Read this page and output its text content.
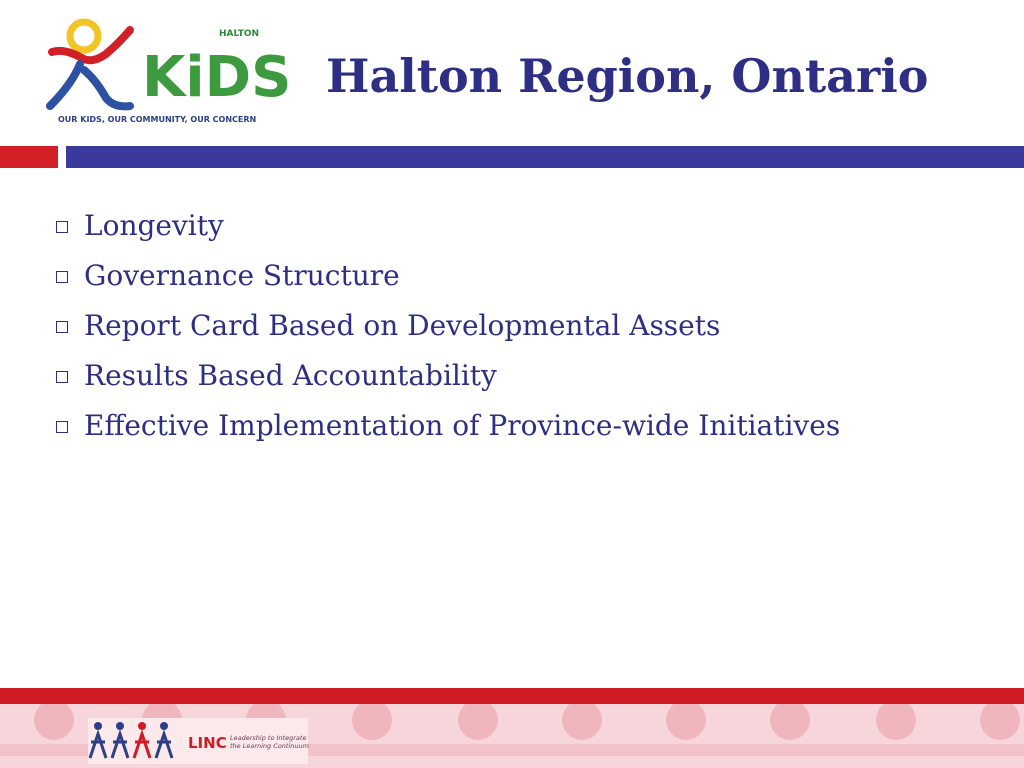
HALTON
KiDS
OUR KIDS, OUR COMMUNITY, OUR CONCERN
Halton Region, Ontario
Longevity
Governance Structure
Report Card Based on Developmental Assets
Results Based Accountability
Effective Implementation of Province-wide Initiatives
LINC Leadership to Integrate the Learning Continuum
